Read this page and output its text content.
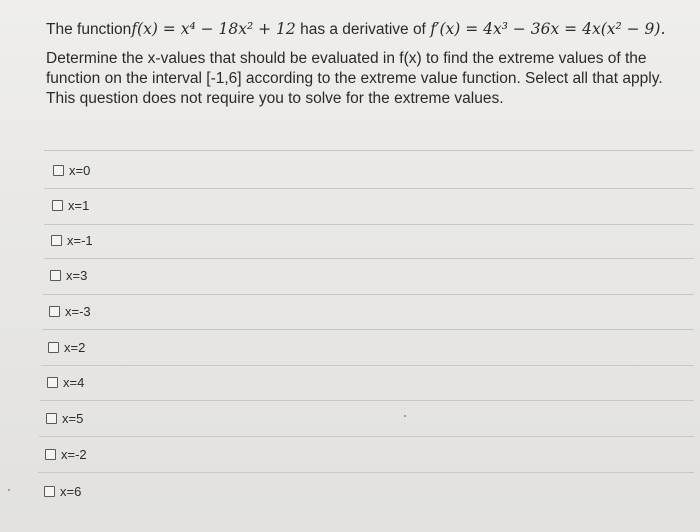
The functionf(x) = x⁴ − 18x² + 12 has a derivative of f′(x) = 4x³ − 36x = 4x(x² − 9).
Determine the x-values that should be evaluated in f(x) to find the extreme values of the function on the interval [-1,6] according to the extreme value function. Select all that apply. This question does not require you to solve for the extreme values.
x=0
x=1
x=-1
x=3
x=-3
x=2
x=4
x=5
x=-2
x=6
